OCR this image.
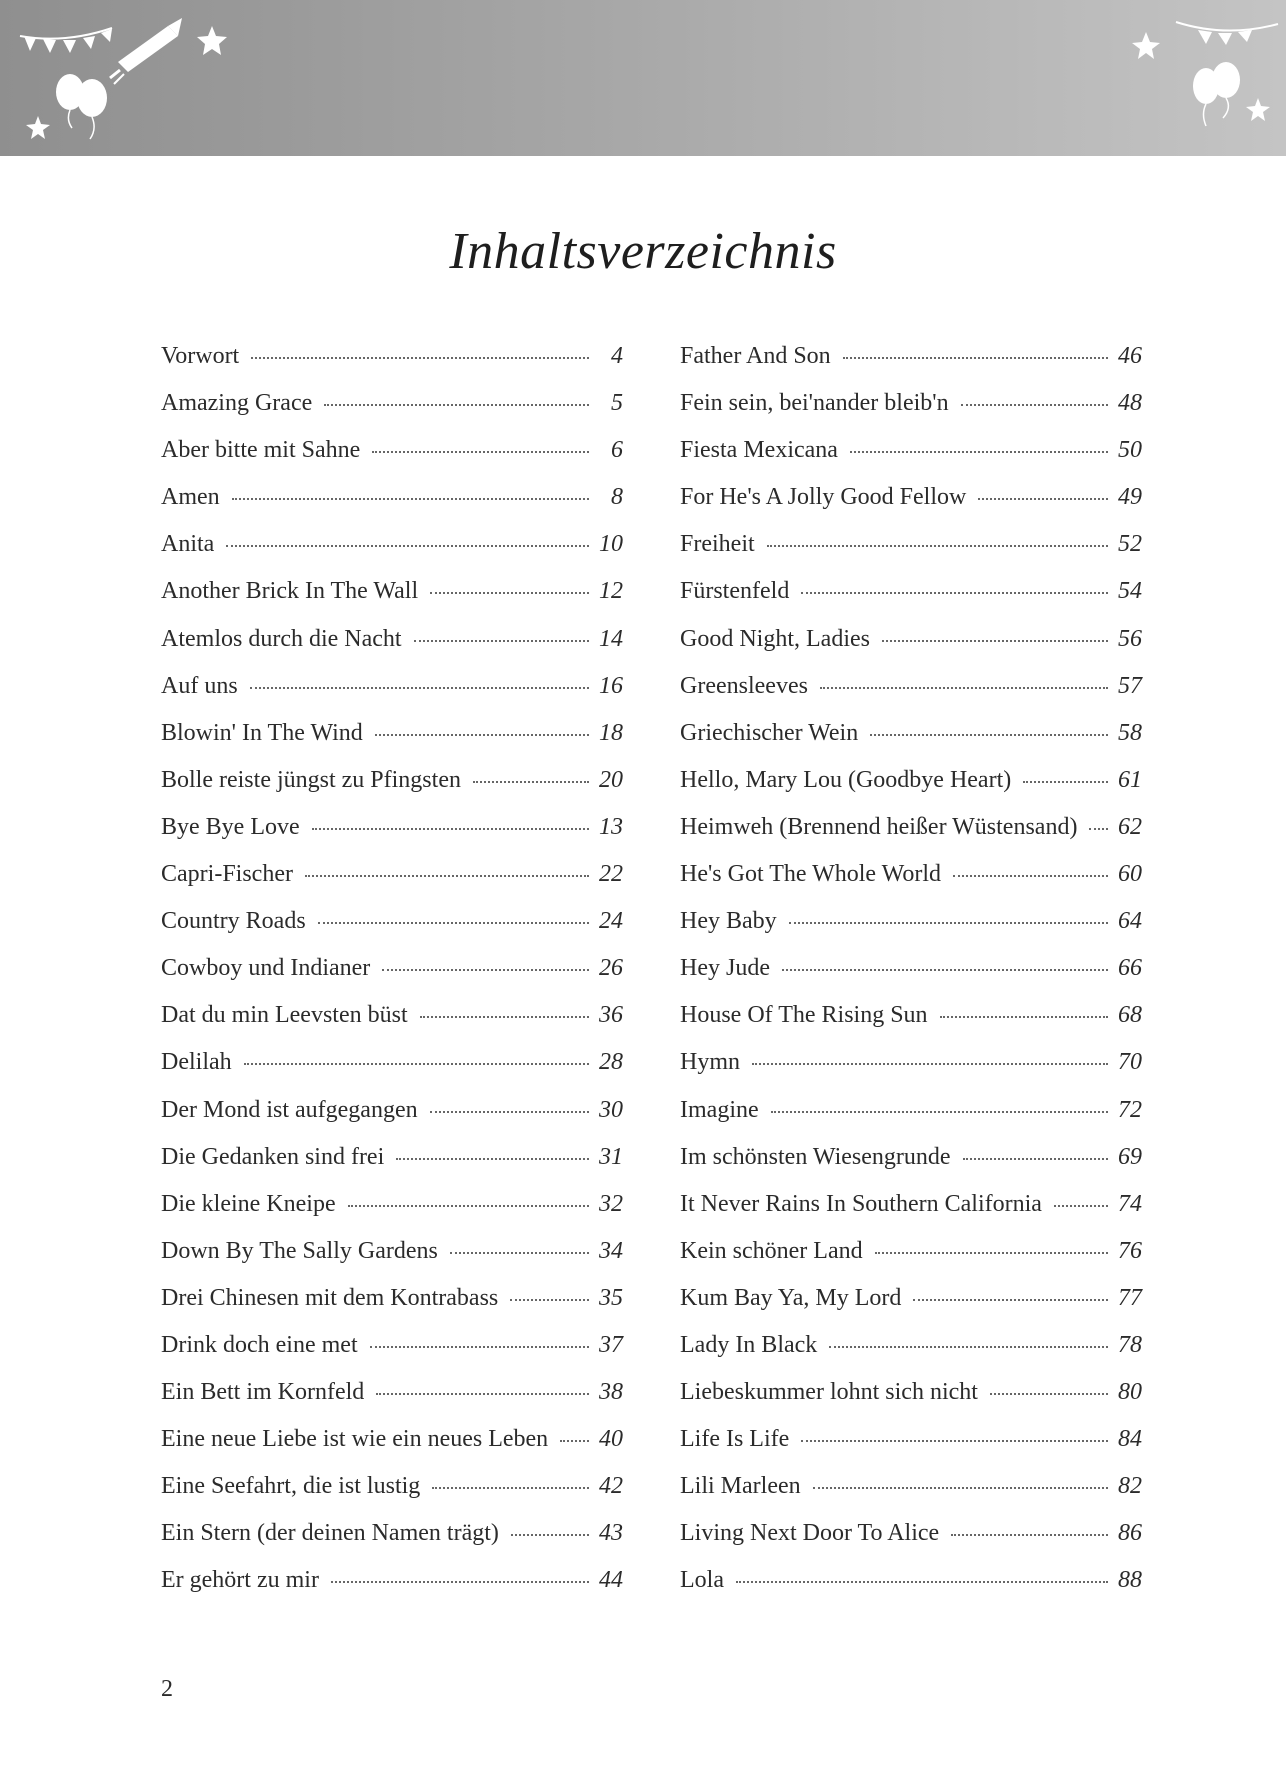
Inhaltsverzeichnis
Vorwort	4
Amazing Grace	5
Aber bitte mit Sahne	6
Amen	8
Anita	10
Another Brick In The Wall	12
Atemlos durch die Nacht	14
Auf uns	16
Blowin' In The Wind	18
Bolle reiste jüngst zu Pfingsten	20
Bye Bye Love	13
Capri-Fischer	22
Country Roads	24
Cowboy und Indianer	26
Dat du min Leevsten büst	36
Delilah	28
Der Mond ist aufgegangen	30
Die Gedanken sind frei	31
Die kleine Kneipe	32
Down By The Sally Gardens	34
Drei Chinesen mit dem Kontrabass	35
Drink doch eine met	37
Ein Bett im Kornfeld	38
Eine neue Liebe ist wie ein neues Leben	40
Eine Seefahrt, die ist lustig	42
Ein Stern (der deinen Namen trägt)	43
Er gehört zu mir	44
Father And Son	46
Fein sein, bei'nander bleib'n	48
Fiesta Mexicana	50
For He's A Jolly Good Fellow	49
Freiheit	52
Fürstenfeld	54
Good Night, Ladies	56
Greensleeves	57
Griechischer Wein	58
Hello, Mary Lou (Goodbye Heart)	61
Heimweh (Brennend heißer Wüstensand)	62
He's Got The Whole World	60
Hey Baby	64
Hey Jude	66
House Of The Rising Sun	68
Hymn	70
Imagine	72
Im schönsten Wiesengrunde	69
It Never Rains In Southern California	74
Kein schöner Land	76
Kum Bay Ya, My Lord	77
Lady In Black	78
Liebeskummer lohnt sich nicht	80
Life Is Life	84
Lili Marleen	82
Living Next Door To Alice	86
Lola	88
2
